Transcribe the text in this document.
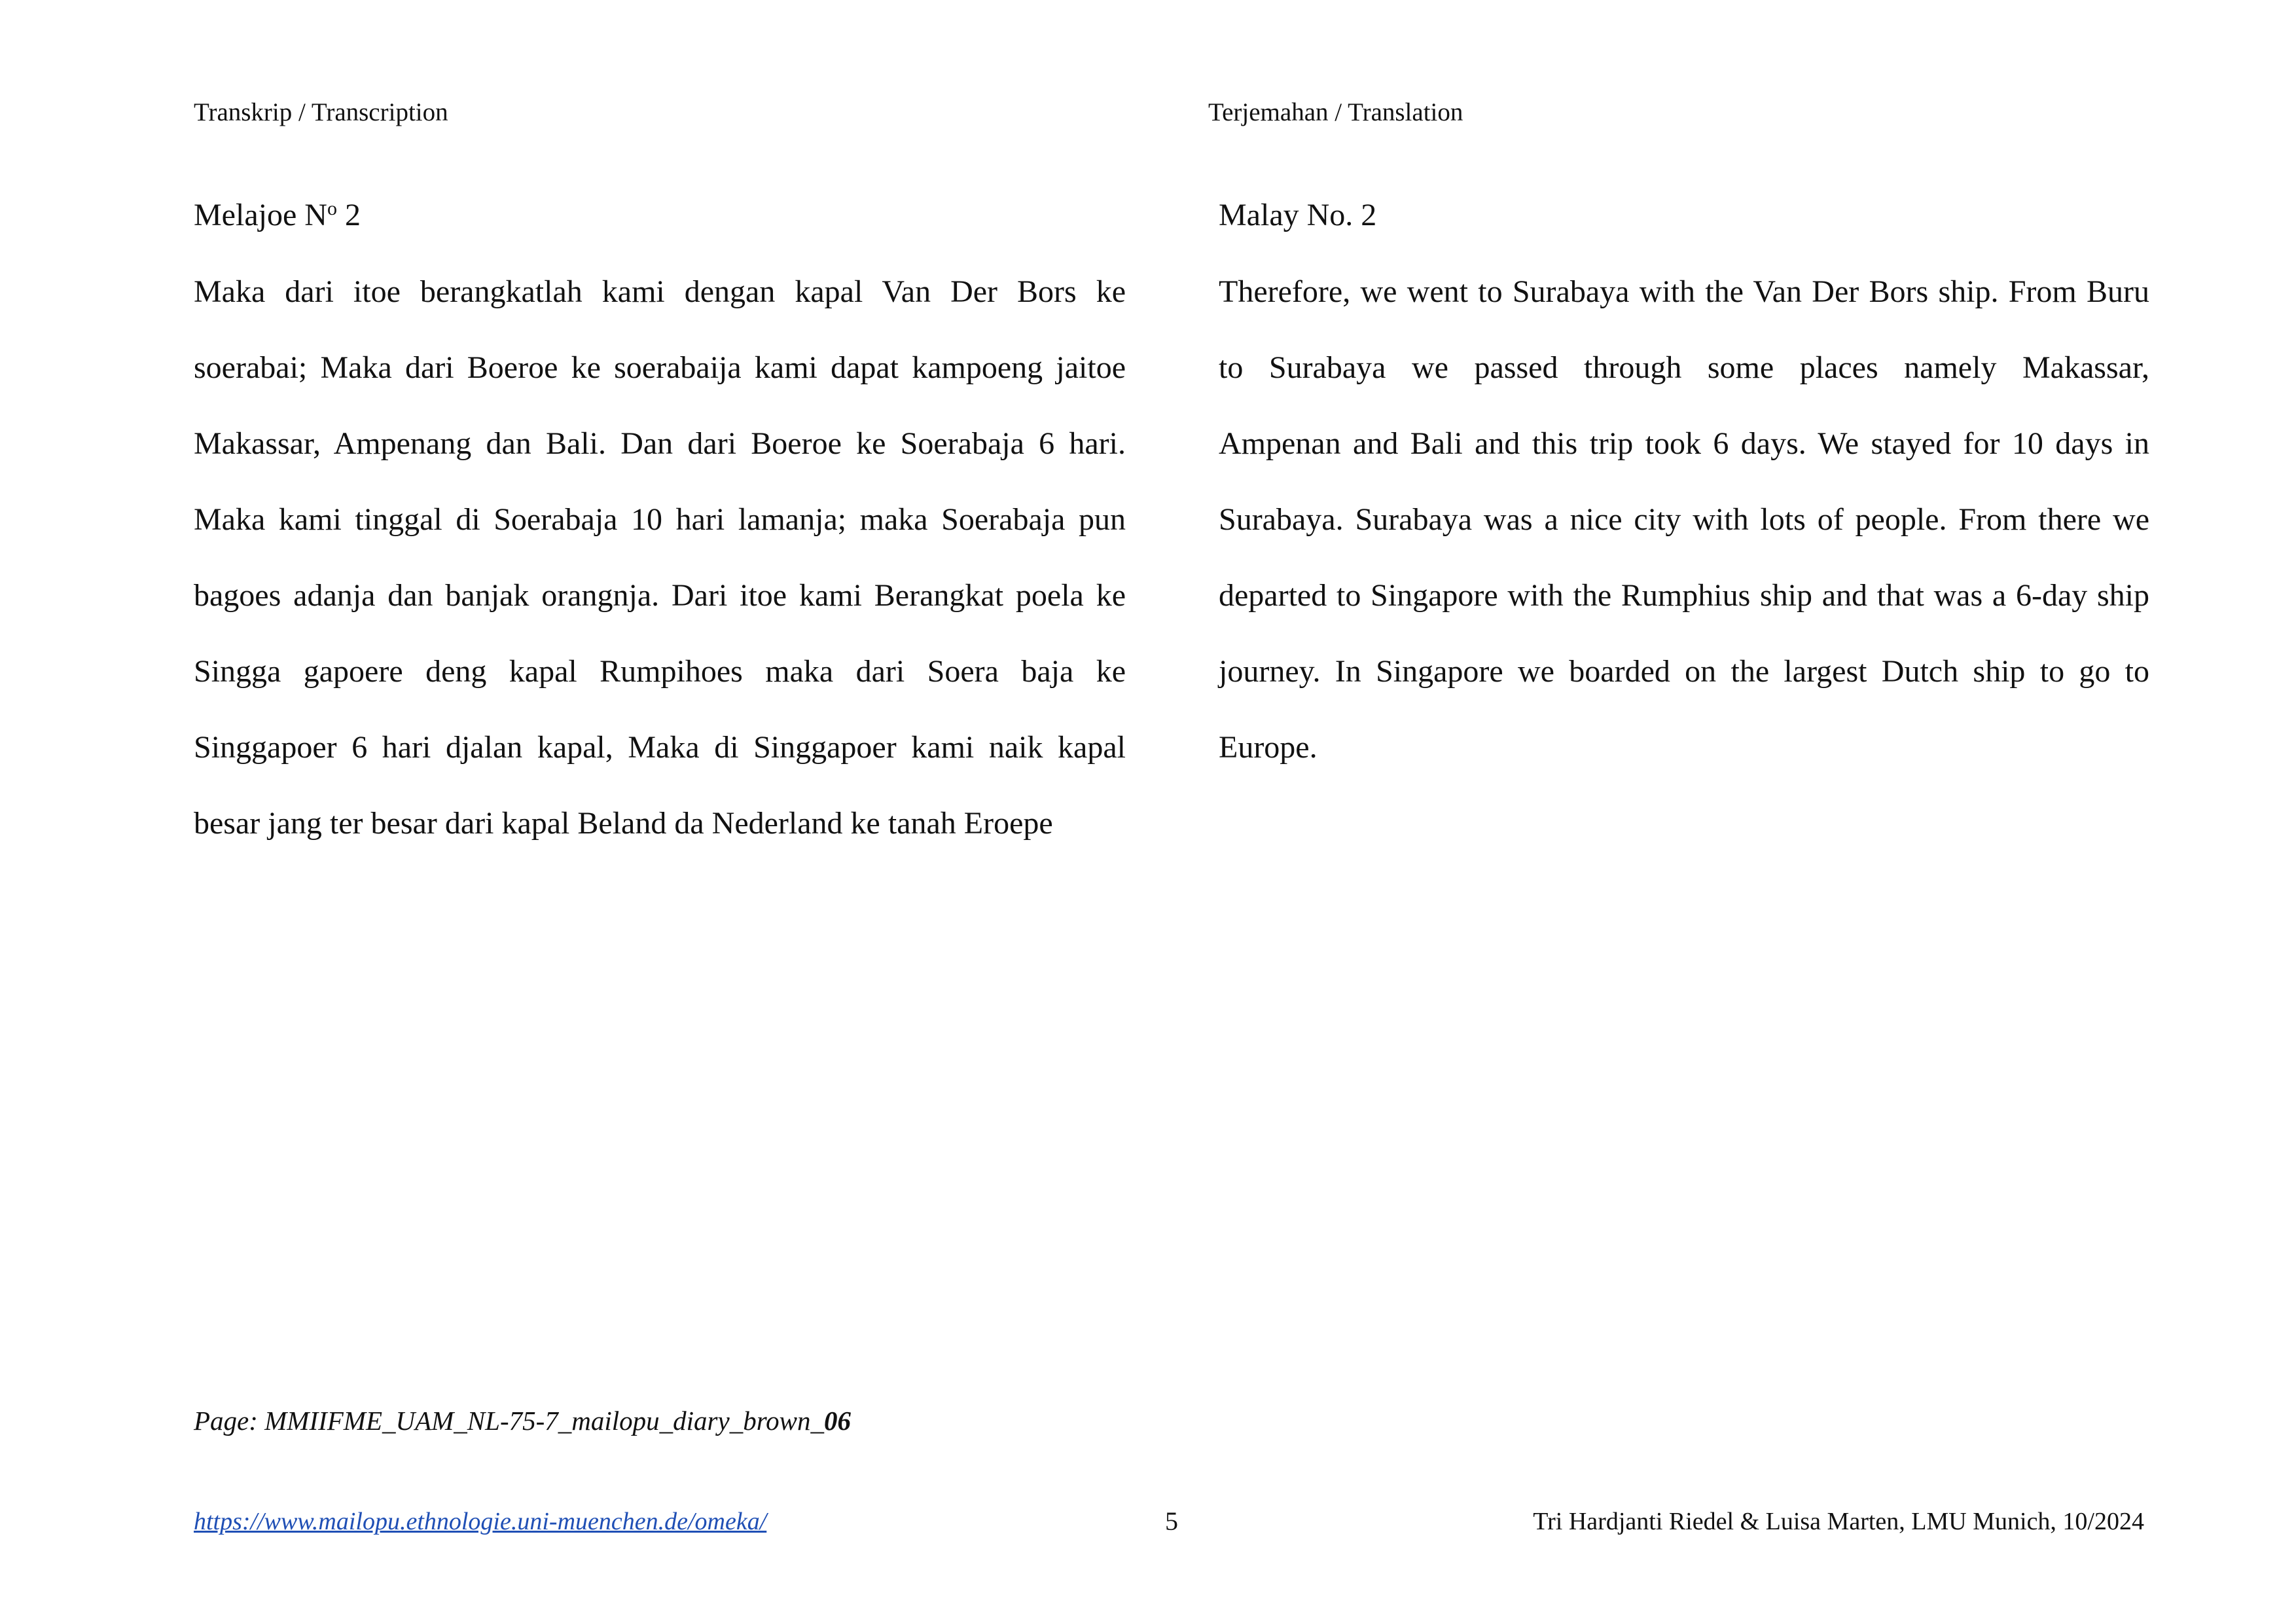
Transkrip / Transcription	Terjemahan / Translation
Melajoe $N^o$ 2
Maka dari itoe berangkatlah kami dengan kapal Van Der Bors ke
soerabai; Maka dari Boeroe ke soerabaija kami dapat kampoeng jaitoe
Makassar, Ampenang dan Bali. Dan dari Boeroe ke Soerabaja 6 hari.
Maka kami tinggal di Soerabaja 10 hari lamanja; maka Soerabaja pun
bagoes adanja dan banjak orangnja. Dari itoe kami Berangkat poela ke
Singga gapoere deng kapal Rumpihoes maka dari Soera baja ke
Singgapoer 6 hari djalan kapal, Maka di Singgapoer kami naik kapal
besar jang ter besar dari kapal Beland da Nederland ke tanah Eroepe
Malay No. 2
Therefore, we went to Surabaya with the Van Der Bors ship. From Buru
to Surabaya we passed through some places namely Makassar,
Ampenan and Bali and this trip took 6 days. We stayed for 10 days in
Surabaya. Surabaya was a nice city with lots of people. From there we
departed to Singapore with the Rumphius ship and that was a 6-day ship
journey. In Singapore we boarded on the largest Dutch ship to go to
Europe.
Page: MMIIFME_UAM_NL-75-7_mailopu_diary_brown_06
https://www.mailopu.ethnologie.uni-muenchen.de/omeka/	5	Tri Hardjanti Riedel & Luisa Marten, LMU Munich, 10/2024
